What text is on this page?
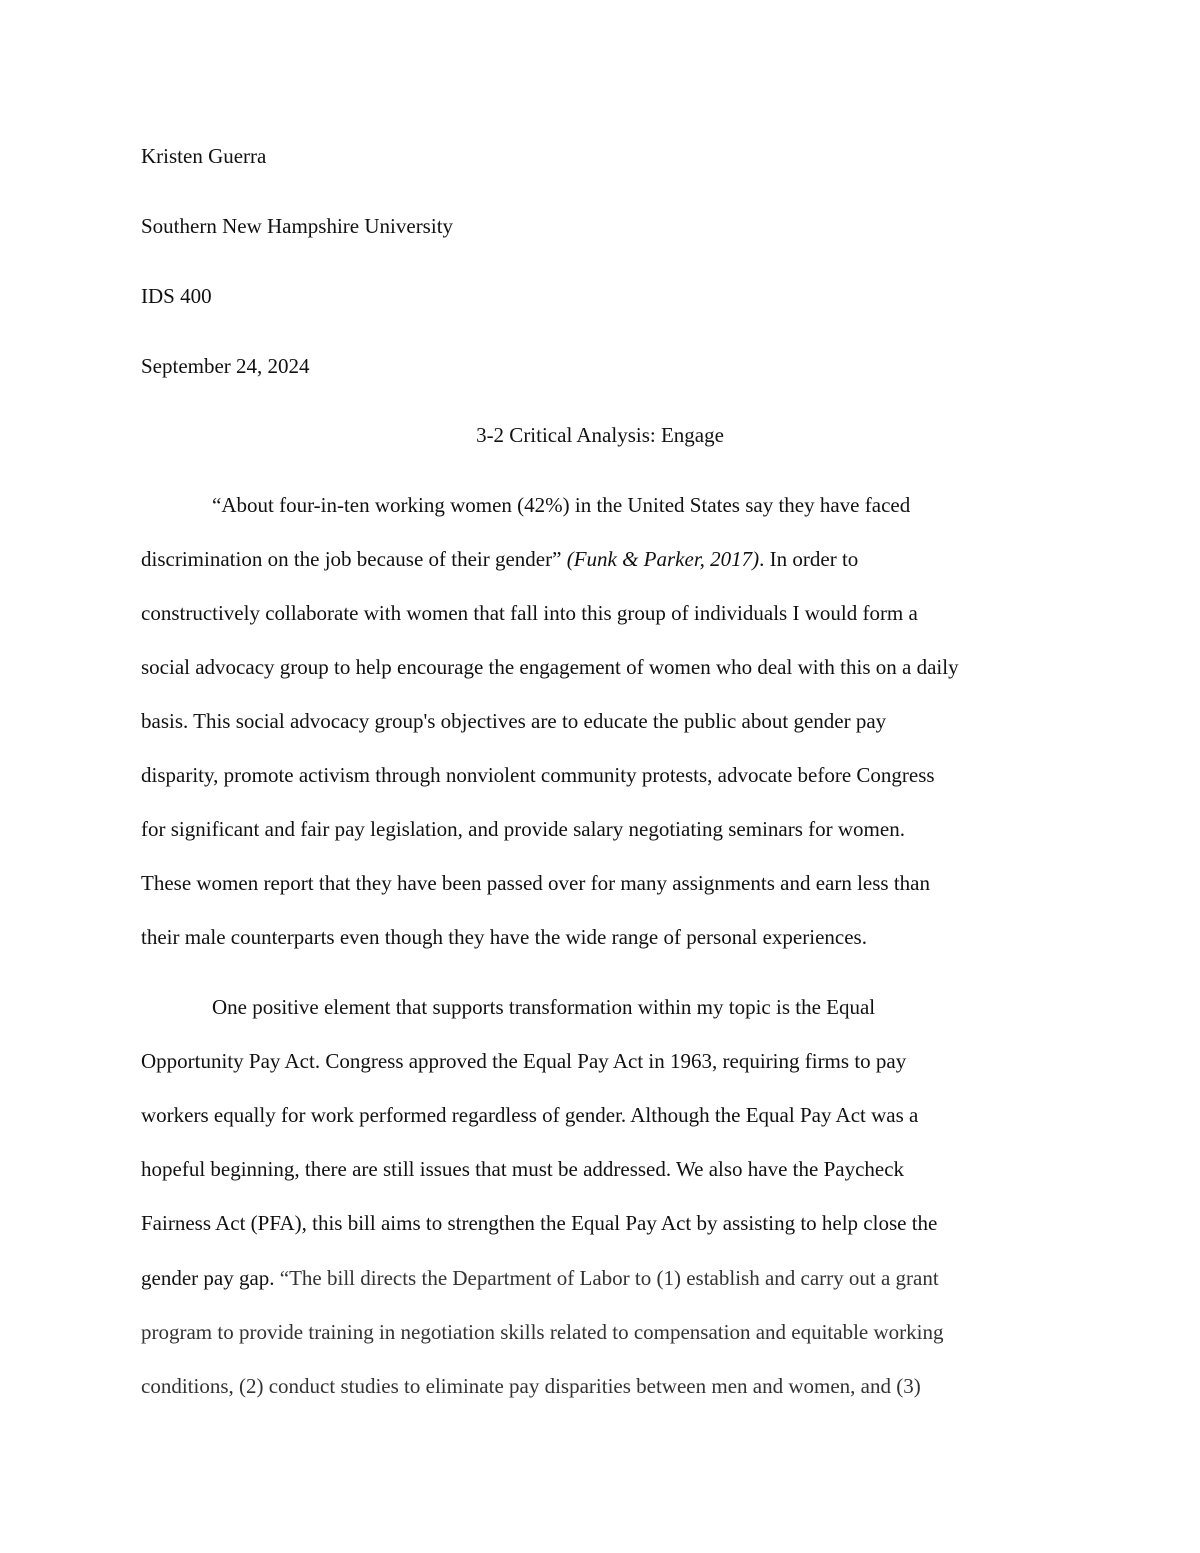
Kristen Guerra
Southern New Hampshire University
IDS 400
September 24, 2024
3-2 Critical Analysis: Engage
“About four-in-ten working women (42%) in the United States say they have faced
discrimination on the job because of their gender” (Funk & Parker, 2017). In order to
constructively collaborate with women that fall into this group of individuals I would form a
social advocacy group to help encourage the engagement of women who deal with this on a daily
basis. This social advocacy group's objectives are to educate the public about gender pay
disparity, promote activism through nonviolent community protests, advocate before Congress
for significant and fair pay legislation, and provide salary negotiating seminars for women.
These women report that they have been passed over for many assignments and earn less than
their male counterparts even though they have the wide range of personal experiences.
One positive element that supports transformation within my topic is the Equal
Opportunity Pay Act. Congress approved the Equal Pay Act in 1963, requiring firms to pay
workers equally for work performed regardless of gender. Although the Equal Pay Act was a
hopeful beginning, there are still issues that must be addressed. We also have the Paycheck
Fairness Act (PFA), this bill aims to strengthen the Equal Pay Act by assisting to help close the
gender pay gap. “The bill directs the Department of Labor to (1) establish and carry out a grant
program to provide training in negotiation skills related to compensation and equitable working
conditions, (2) conduct studies to eliminate pay disparities between men and women, and (3)
